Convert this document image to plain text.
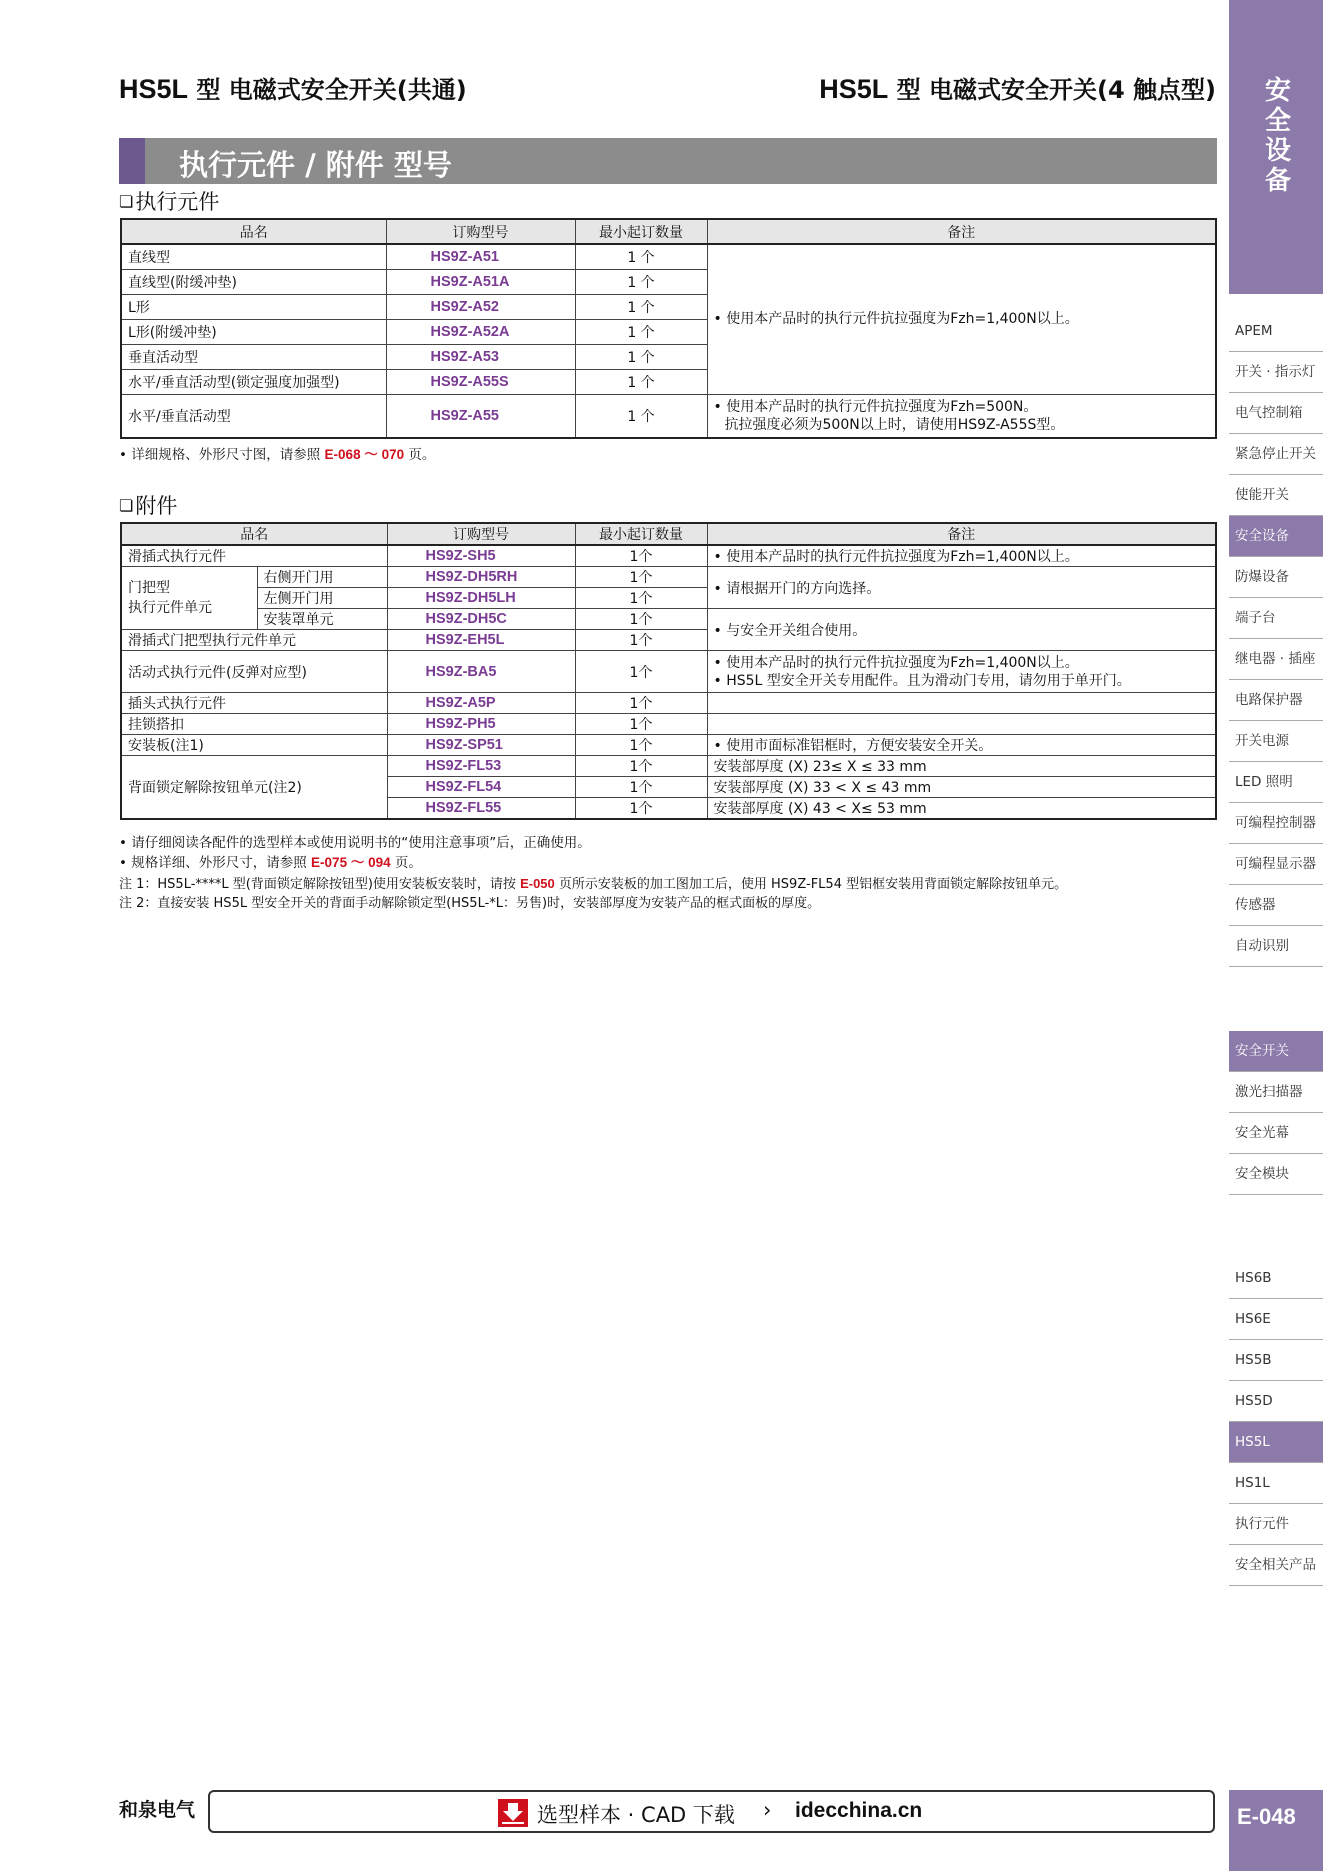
HS5L 型 电磁式安全开关(共通)	HS5L 型 电磁式安全开关(4 触点型)
执行元件 / 附件 型号
❏执行元件
品名	订购型号	最小起订数量	备注
直线型	HS9Z-A51	1 个	• 使用本产品时的执行元件抗拉强度为Fzh=1,400N以上。
直线型(附缓冲垫)	HS9Z-A51A	1 个	
L形	HS9Z-A52	1 个	
L形(附缓冲垫)	HS9Z-A52A	1 个	
垂直活动型	HS9Z-A53	1 个	
水平/垂直活动型(锁定强度加强型)	HS9Z-A55S	1 个	
水平/垂直活动型	HS9Z-A55	1 个	• 使用本产品时的执行元件抗拉强度为Fzh=500N。
抗拉强度必须为500N以上时，请使用HS9Z-A55S型。
• 详细规格、外形尺寸图，请参照 E-068 ～ 070 页。
❏附件
品名		订购型号	最小起订数量	备注
滑插式执行元件		HS9Z-SH5	1个	• 使用本产品时的执行元件抗拉强度为Fzh=1,400N以上。
门把型
执行元件单元	右侧开门用	HS9Z-DH5RH	1个	• 请根据开门的方向选择。
	左侧开门用	HS9Z-DH5LH	1个	
	安装罩单元	HS9Z-DH5C	1个	• 与安全开关组合使用。
滑插式门把型执行元件单元		HS9Z-EH5L	1个	
活动式执行元件(反弹对应型)		HS9Z-BA5	1个	• 使用本产品时的执行元件抗拉强度为Fzh=1,400N以上。
• HS5L 型安全开关专用配件。且为滑动门专用，请勿用于单开门。

插头式执行元件		HS9Z-A5P	1个	
挂锁搭扣		HS9Z-PH5	1个	
安装板(注1)		HS9Z-SP51	1个	• 使用市面标准铝框时，方便安装安全开关。
背面锁定解除按钮单元(注2)		HS9Z-FL53	1个	安装部厚度 (X) 23≤ X ≤ 33 mm
		HS9Z-FL54	1个	安装部厚度 (X) 33 < X ≤ 43 mm
		HS9Z-FL55	1个	安装部厚度 (X) 43 < X≤ 53 mm
• 请仔细阅读各配件的选型样本或使用说明书的“使用注意事项”后，正确使用。
• 规格详细、外形尺寸，请参照 E-075 ～ 094 页。
注 1：HS5L-****L 型(背面锁定解除按钮型)使用安装板安装时，请按 E-050 页所示安装板的加工图加工后，使用 HS9Z-FL54 型铝框安装用背面锁定解除按钮单元。
注 2：直接安装 HS5L 型安全开关的背面手动解除锁定型(HS5L-*L：另售)时，安装部厚度为安装产品的框式面板的厚度。
安全设备
APEM
开关 · 指示灯
电气控制箱
紧急停止开关
使能开关
安全设备
防爆设备
端子台
继电器 · 插座
电路保护器
开关电源
LED 照明
可编程控制器
可编程显示器
传感器
自动识别
安全开关
激光扫描器
安全光幕
安全模块
HS6B
HS6E
HS5B
HS5D
HS5L
HS1L
执行元件
安全相关产品
和泉电气	选型样本 · CAD 下载 › idecchina.cn	E-048
